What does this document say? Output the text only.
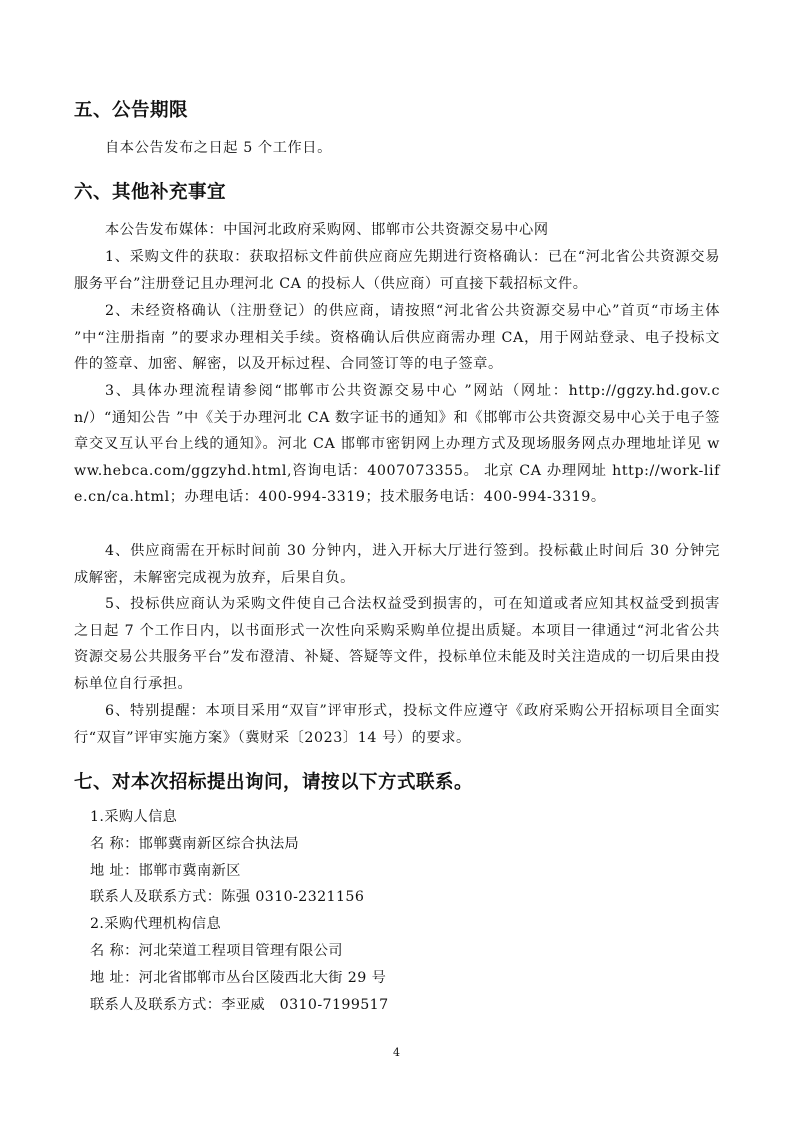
五、公告期限

自本公告发布之日起 5 个工作日。

六、其他补充事宜

本公告发布媒体：中国河北政府采购网、邯郸市公共资源交易中心网

1、采购文件的获取：获取招标文件前供应商应先期进行资格确认：已在“河北省公共资源交易服务平台”注册登记且办理河北 CA 的投标人（供应商）可直接下载招标文件。

2、未经资格确认（注册登记）的供应商，请按照“河北省公共资源交易中心”首页“市场主体 ”中“注册指南 ”的要求办理相关手续。资格确认后供应商需办理 CA，用于网站登录、电子投标文件的签章、加密、解密，以及开标过程、合同签订等的电子签章。

3、具体办理流程请参阅“邯郸市公共资源交易中心 ”网站（网址：http://ggzy.hd.gov.cn/）“通知公告 ”中《关于办理河北 CA 数字证书的通知》和《邯郸市公共资源交易中心关于电子签章交叉互认平台上线的通知》。河北 CA 邯郸市密钥网上办理方式及现场服务网点办理地址详见 www.hebca.com/ggzyhd.html,咨询电话：4007073355。 北京 CA 办理网址 http://work-life.cn/ca.html；办理电话：400-994-3319；技术服务电话：400-994-3319。

4、供应商需在开标时间前 30 分钟内，进入开标大厅进行签到。投标截止时间后 30 分钟完成解密，未解密完成视为放弃，后果自负。

5、投标供应商认为采购文件使自己合法权益受到损害的，可在知道或者应知其权益受到损害之日起 7 个工作日内，以书面形式一次性向采购采购单位提出质疑。本项目一律通过“河北省公共资源交易公共服务平台”发布澄清、补疑、答疑等文件，投标单位未能及时关注造成的一切后果由投标单位自行承担。

6、特别提醒：本项目采用“双盲”评审形式，投标文件应遵守《政府采购公开招标项目全面实行“双盲”评审实施方案》（冀财采〔2023〕14 号）的要求。

七、对本次招标提出询问，请按以下方式联系。
1.采购人信息
名 称：邯郸冀南新区综合执法局
地 址：邯郸市冀南新区
联系人及联系方式：陈强 0310-2321156
2.采购代理机构信息
名 称：河北荣道工程项目管理有限公司
地 址：河北省邯郸市丛台区陵西北大街 29 号
联系人及联系方式：李亚威　0310-7199517
4
